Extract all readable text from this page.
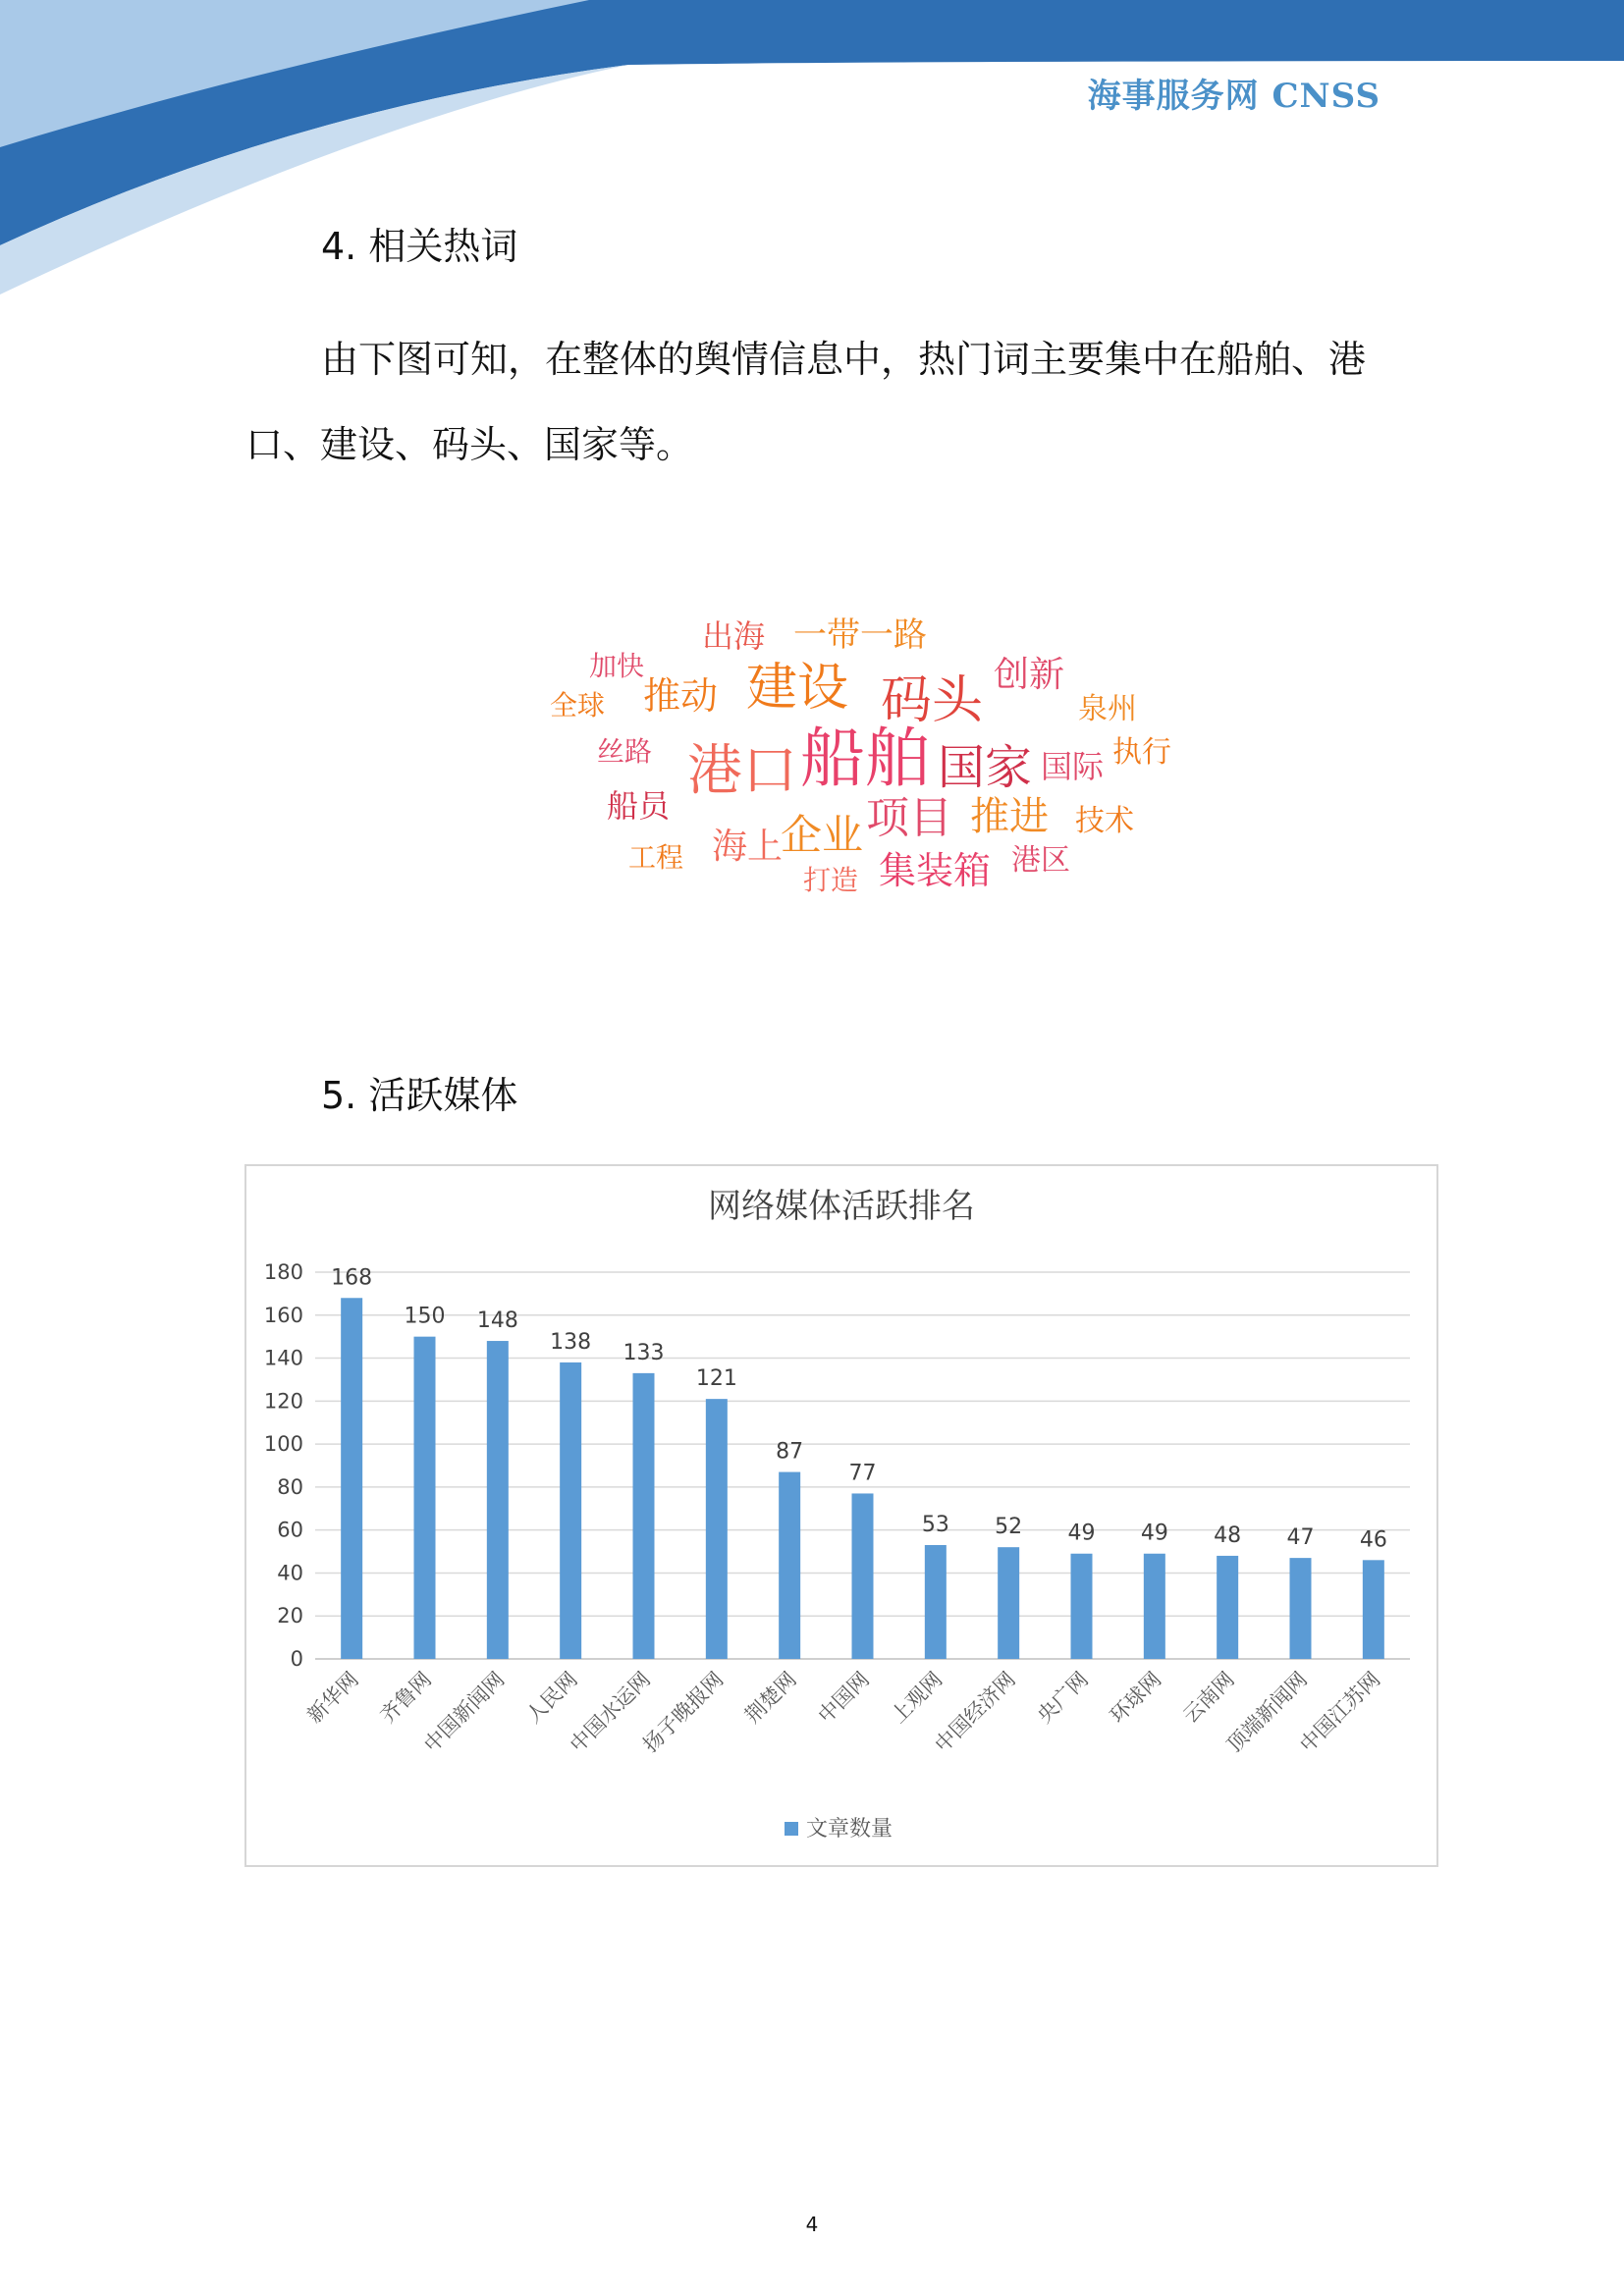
海事服务网 CNSS
4. 相关热词
由下图可知，在整体的舆情信息中，热门词主要集中在船舶、港
口、建设、码头、国家等。
出海 一带一路
加快
推动 建设 码头 创新
全球	泉州
丝路 港口 船舶 国家 国际 执行
船员	项目 推进 技术
海上
企业
工程
打造 集装箱 港区
5. 活跃媒体
网络媒体活跃排名
0
20
40
60
80
100
120
140
160
180 168
新华网
150
齐鲁网
148
中国新闻网
138
人民网
133
中国水运网
121
扬子晚报网
87
荆楚网
77
中国网
53
上观网
52
中国经济网
49
央广网
49
环球网
48
云南网
47
顶端新闻网
46
中国江苏网
文章数量
4
